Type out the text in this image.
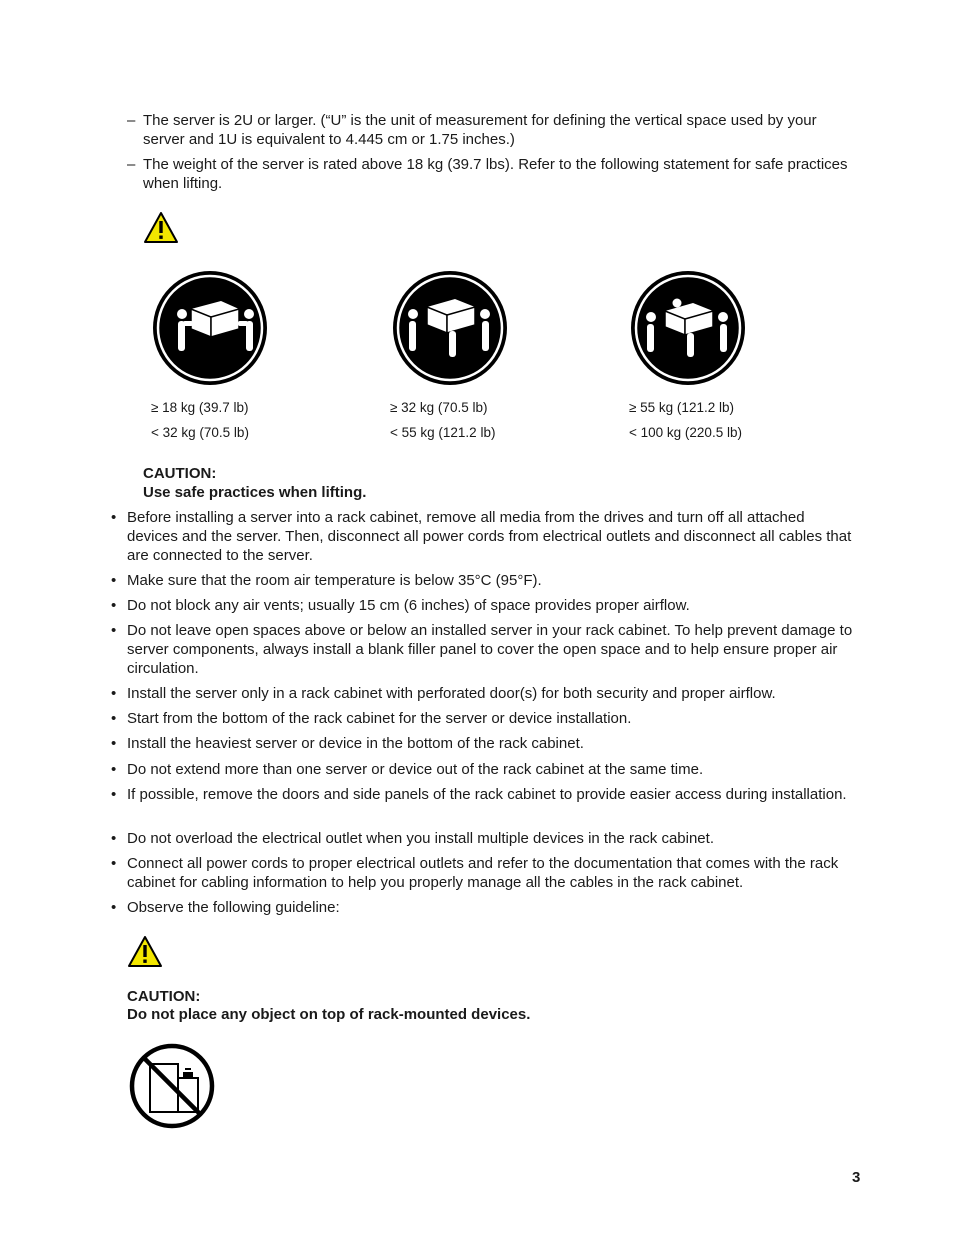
– The server is 2U or larger. (“U” is the unit of measurement for defining the vertical space used by your server and 1U is equivalent to 4.445 cm or 1.75 inches.)
– The weight of the server is rated above 18 kg (39.7 lbs). Refer to the following statement for safe practices when lifting.
≥ 18 kg (39.7 lb)
< 32 kg (70.5 lb)
≥ 32 kg (70.5 lb)
< 55 kg (121.2 lb)
≥ 55 kg (121.2 lb)
< 100 kg (220.5 lb)
CAUTION:
Use safe practices when lifting.
• Before installing a server into a rack cabinet, remove all media from the drives and turn off all attached devices and the server. Then, disconnect all power cords from electrical outlets and disconnect all cables that are connected to the server.
• Make sure that the room air temperature is below 35°C (95°F).
• Do not block any air vents; usually 15 cm (6 inches) of space provides proper airflow.
• Do not leave open spaces above or below an installed server in your rack cabinet. To help prevent damage to server components, always install a blank filler panel to cover the open space and to help ensure proper air circulation.
• Install the server only in a rack cabinet with perforated door(s) for both security and proper airflow.
• Start from the bottom of the rack cabinet for the server or device installation.
• Install the heaviest server or device in the bottom of the rack cabinet.
• Do not extend more than one server or device out of the rack cabinet at the same time.
• If possible, remove the doors and side panels of the rack cabinet to provide easier access during installation.
• Do not overload the electrical outlet when you install multiple devices in the rack cabinet.
• Connect all power cords to proper electrical outlets and refer to the documentation that comes with the rack cabinet for cabling information to help you properly manage all the cables in the rack cabinet.
• Observe the following guideline:
CAUTION:
Do not place any object on top of rack-mounted devices.
3
